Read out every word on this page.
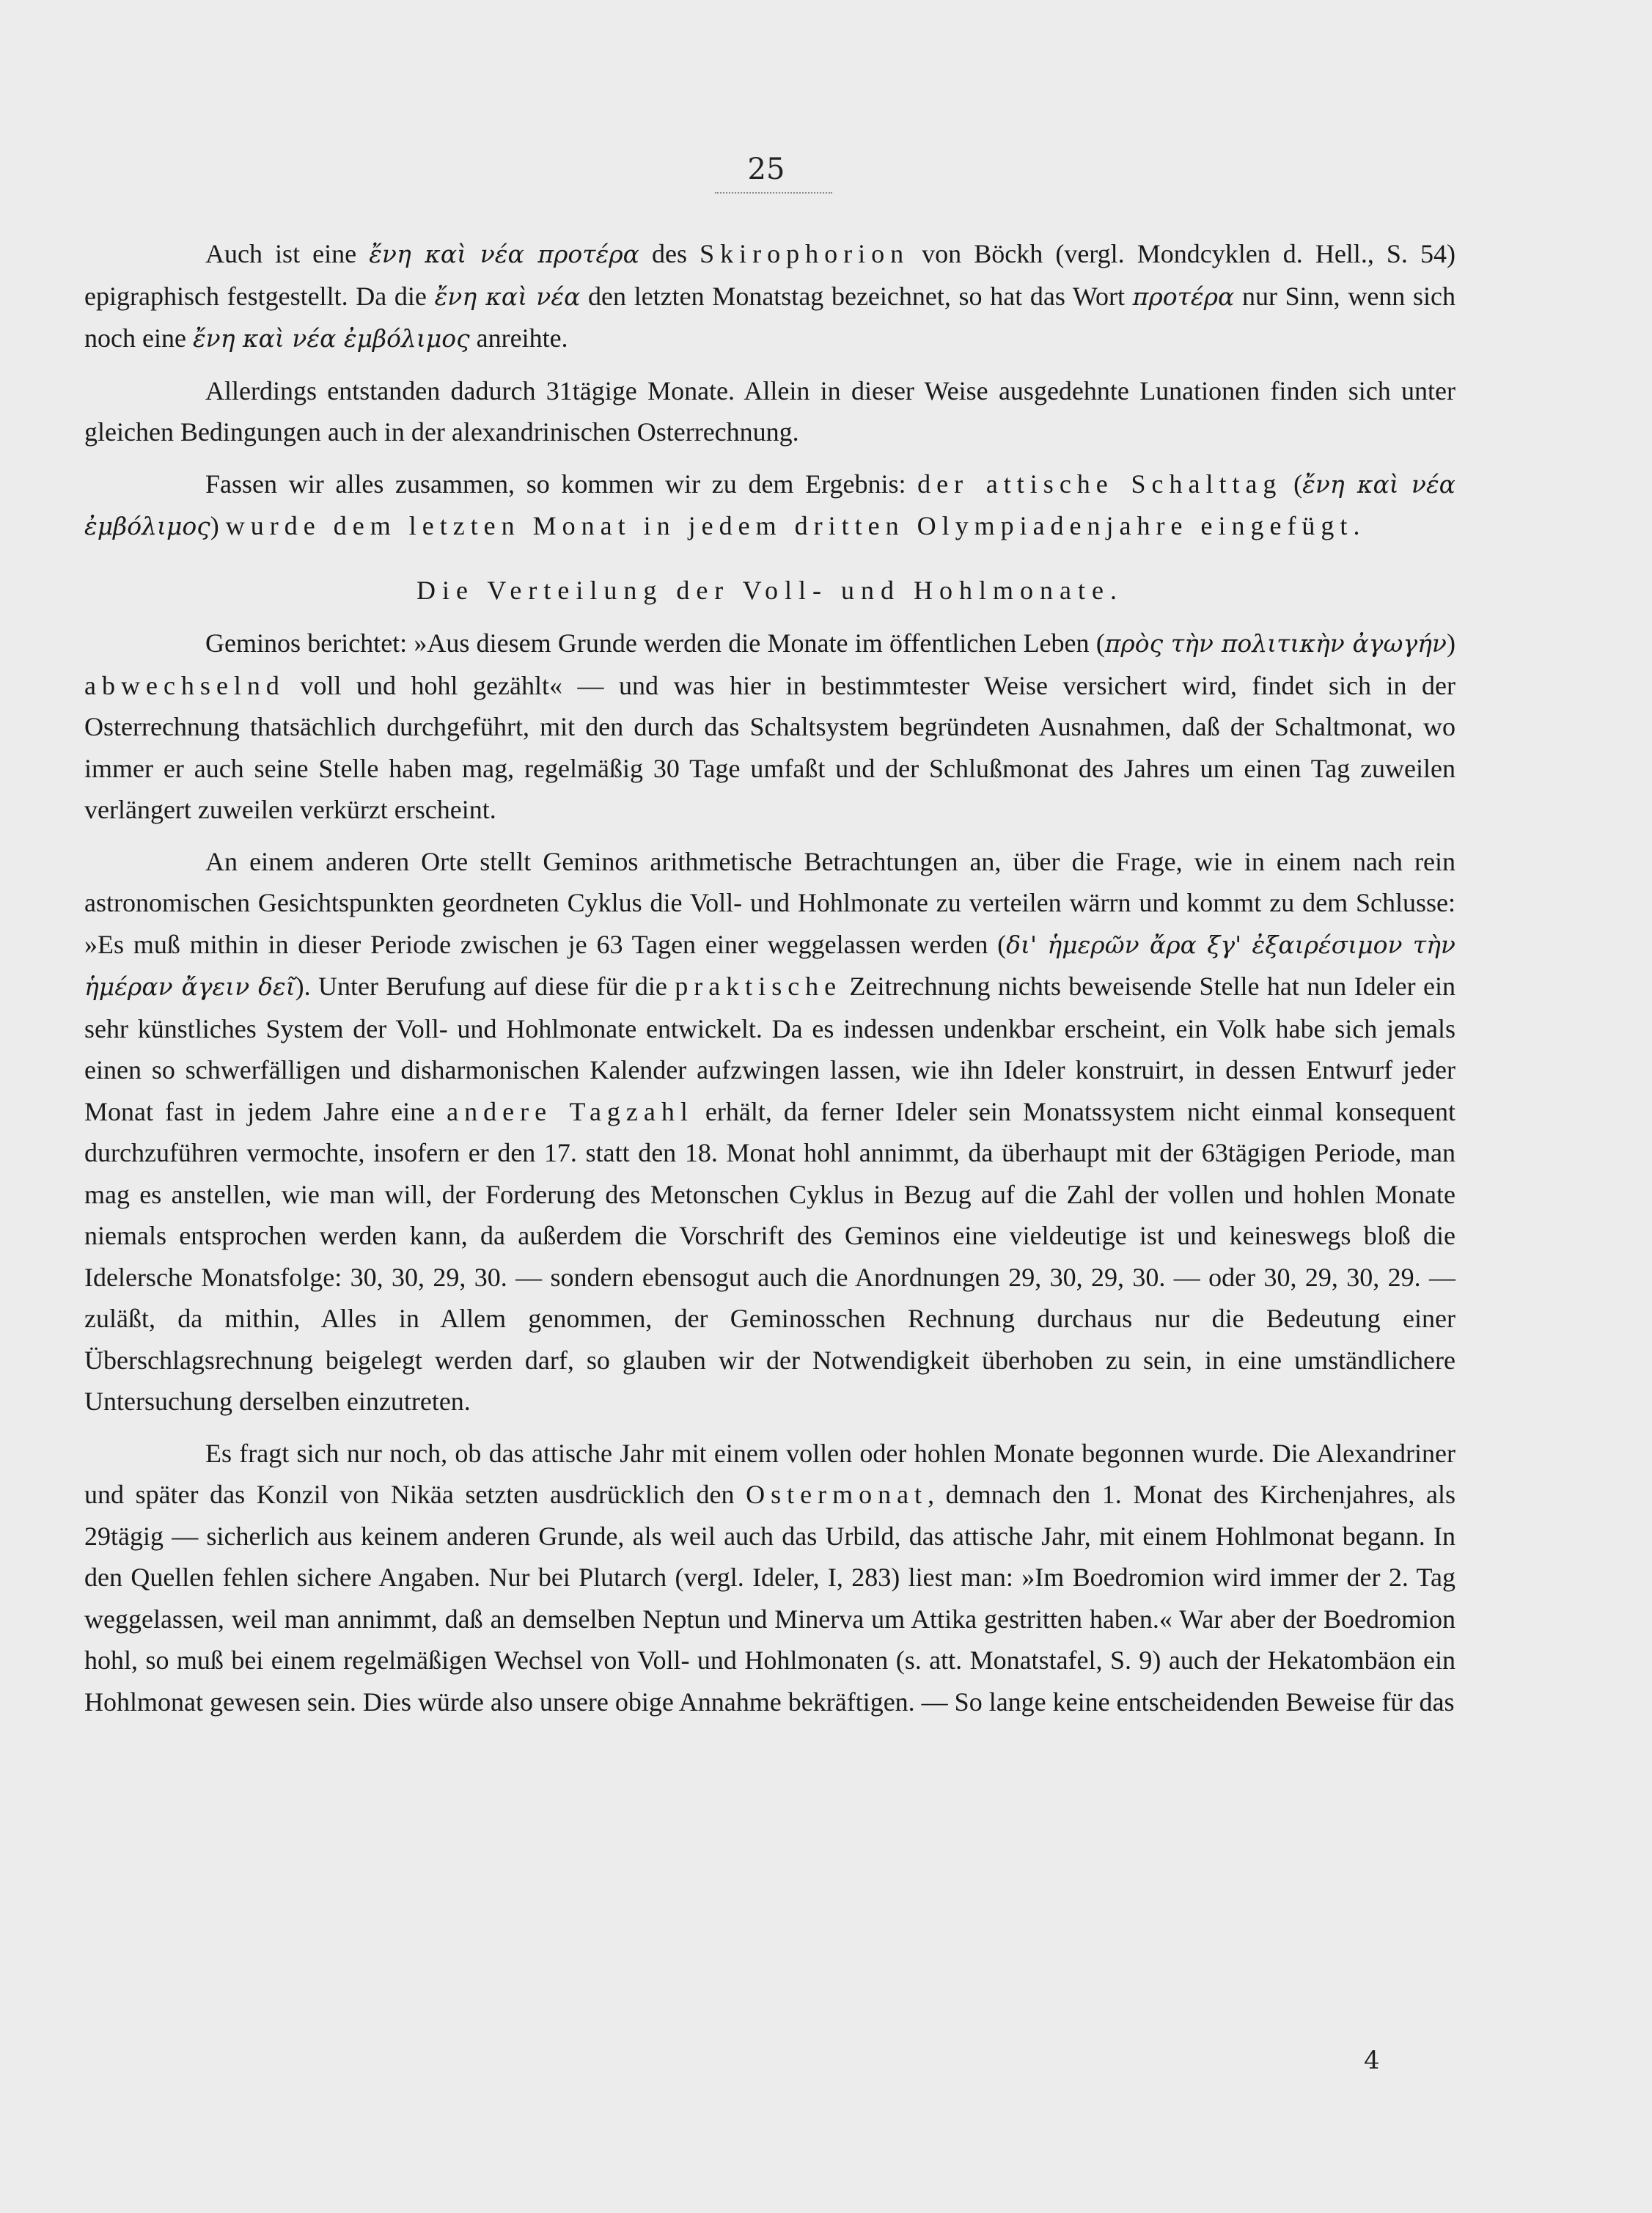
25

Auch ist eine ἔνη καὶ νέα προτέρα des Skirophorion von Böckh (vergl. Mondcyklen d. Hell., S. 54) epigraphisch festgestellt. Da die ἔνη καὶ νέα den letzten Monatstag bezeichnet, so hat das Wort προτέρα nur Sinn, wenn sich noch eine ἔνη καὶ νέα ἐμβόλιμος anreihte.

Allerdings entstanden dadurch 31tägige Monate. Allein in dieser Weise ausgedehnte Lunationen finden sich unter gleichen Bedingungen auch in der alexandrinischen Osterrechnung.

Fassen wir alles zusammen, so kommen wir zu dem Ergebnis: der attische Schalttag (ἔνη καὶ νέα ἐμβόλιμος) wurde dem letzten Monat in jedem dritten Olympiadenjahre eingefügt.

Die Verteilung der Voll- und Hohlmonate.

Geminos berichtet: »Aus diesem Grunde werden die Monate im öffentlichen Leben (πρὸς τὴν πολιτικὴν ἀγωγήν) abwechselnd voll und hohl gezählt« — und was hier in bestimmtester Weise versichert wird, findet sich in der Osterrechnung thatsächlich durchgeführt, mit den durch das Schaltsystem begründeten Ausnahmen, daß der Schaltmonat, wo immer er auch seine Stelle haben mag, regelmäßig 30 Tage umfaßt und der Schlußmonat des Jahres um einen Tag zuweilen verlängert zuweilen verkürzt erscheint.

An einem anderen Orte stellt Geminos arithmetische Betrachtungen an, über die Frage, wie in einem nach rein astronomischen Gesichtspunkten geordneten Cyklus die Voll- und Hohlmonate zu verteilen wärrn und kommt zu dem Schlusse: »Es muß mithin in dieser Periode zwischen je 63 Tagen einer weggelassen werden (δι' ἡμερῶν ἄρα ξγ' ἐξαιρέσιμον τὴν ἡμέραν ἄγειν δεῖ). Unter Berufung auf diese für die praktische Zeitrechnung nichts beweisende Stelle hat nun Ideler ein sehr künstliches System der Voll- und Hohlmonate entwickelt. Da es indessen undenkbar erscheint, ein Volk habe sich jemals einen so schwerfälligen und disharmonischen Kalender aufzwingen lassen, wie ihn Ideler konstruirt, in dessen Entwurf jeder Monat fast in jedem Jahre eine andere Tagzahl erhält, da ferner Ideler sein Monatssystem nicht einmal konsequent durchzuführen vermochte, insofern er den 17. statt den 18. Monat hohl annimmt, da überhaupt mit der 63tägigen Periode, man mag es anstellen, wie man will, der Forderung des Metonschen Cyklus in Bezug auf die Zahl der vollen und hohlen Monate niemals entsprochen werden kann, da außerdem die Vorschrift des Geminos eine vieldeutige ist und keineswegs bloß die Idelersche Monatsfolge: 30, 30, 29, 30. — sondern ebensogut auch die Anordnungen 29, 30, 29, 30. — oder 30, 29, 30, 29. — zuläßt, da mithin, Alles in Allem genommen, der Geminosschen Rechnung durchaus nur die Bedeutung einer Überschlagsrechnung beigelegt werden darf, so glauben wir der Notwendigkeit überhoben zu sein, in eine umständlichere Untersuchung derselben einzutreten.

Es fragt sich nur noch, ob das attische Jahr mit einem vollen oder hohlen Monate begonnen wurde. Die Alexandriner und später das Konzil von Nikäa setzten ausdrücklich den Ostermonat, demnach den 1. Monat des Kirchenjahres, als 29tägig — sicherlich aus keinem anderen Grunde, als weil auch das Urbild, das attische Jahr, mit einem Hohlmonat begann. In den Quellen fehlen sichere Angaben. Nur bei Plutarch (vergl. Ideler, I, 283) liest man: »Im Boedromion wird immer der 2. Tag weggelassen, weil man annimmt, daß an demselben Neptun und Minerva um Attika gestritten haben.« War aber der Boedromion hohl, so muß bei einem regelmäßigen Wechsel von Voll- und Hohlmonaten (s. att. Monatstafel, S. 9) auch der Hekatombäon ein Hohlmonat gewesen sein. Dies würde also unsere obige Annahme bekräftigen. — So lange keine entscheidenden Beweise für das

4
